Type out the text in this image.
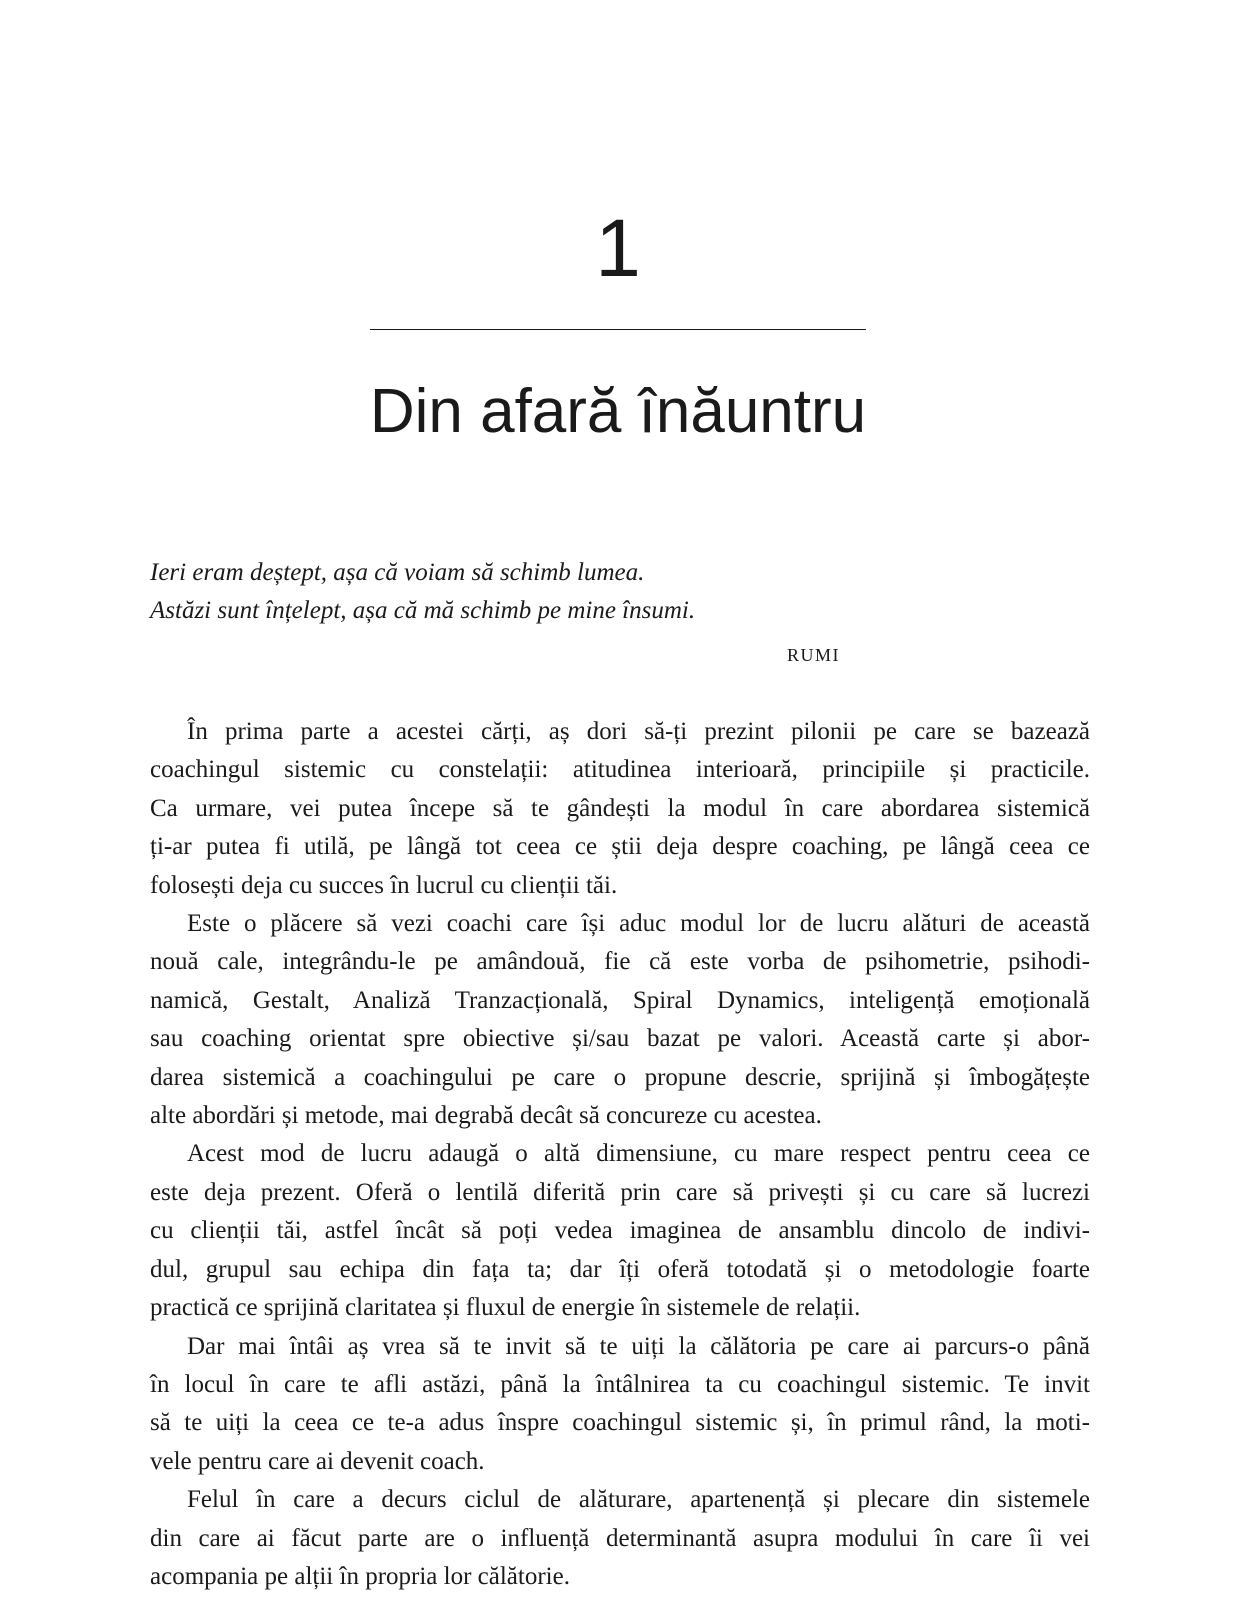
1
Din afară înăuntru

Ieri eram deștept, așa că voiam să schimb lumea.

Astăzi sunt înțelept, așa că mă schimb pe mine însumi.

RUMI
În prima parte a acestei cărți, aș dori să-ți prezint pilonii pe care se bazează
coachingul sistemic cu constelații: atitudinea interioară, principiile și practicile.
Ca urmare, vei putea începe să te gândești la modul în care abordarea sistemică
ți-ar putea fi utilă, pe lângă tot ceea ce știi deja despre coaching, pe lângă ceea ce
folosești deja cu succes în lucrul cu clienții tăi.
Este o plăcere să vezi coachi care își aduc modul lor de lucru alături de această
nouă cale, integrându-le pe amândouă, fie că este vorba de psihometrie, psihodi-
namică, Gestalt, Analiză Tranzacțională, Spiral Dynamics, inteligență emoțională
sau coaching orientat spre obiective și/sau bazat pe valori. Această carte și abor-
darea sistemică a coachingului pe care o propune descrie, sprijină și îmbogățește
alte abordări și metode, mai degrabă decât să concureze cu acestea.
Acest mod de lucru adaugă o altă dimensiune, cu mare respect pentru ceea ce
este deja prezent. Oferă o lentilă diferită prin care să privești și cu care să lucrezi
cu clienții tăi, astfel încât să poți vedea imaginea de ansamblu dincolo de indivi-
dul, grupul sau echipa din fața ta; dar îți oferă totodată și o metodologie foarte
practică ce sprijină claritatea și fluxul de energie în sistemele de relații.
Dar mai întâi aș vrea să te invit să te uiți la călătoria pe care ai parcurs-o până
în locul în care te afli astăzi, până la întâlnirea ta cu coachingul sistemic. Te invit
să te uiți la ceea ce te-a adus înspre coachingul sistemic și, în primul rând, la moti-
vele pentru care ai devenit coach.
Felul în care a decurs ciclul de alăturare, apartenență și plecare din sistemele
din care ai făcut parte are o influență determinantă asupra modului în care îi vei
acompania pe alții în propria lor călătorie.
